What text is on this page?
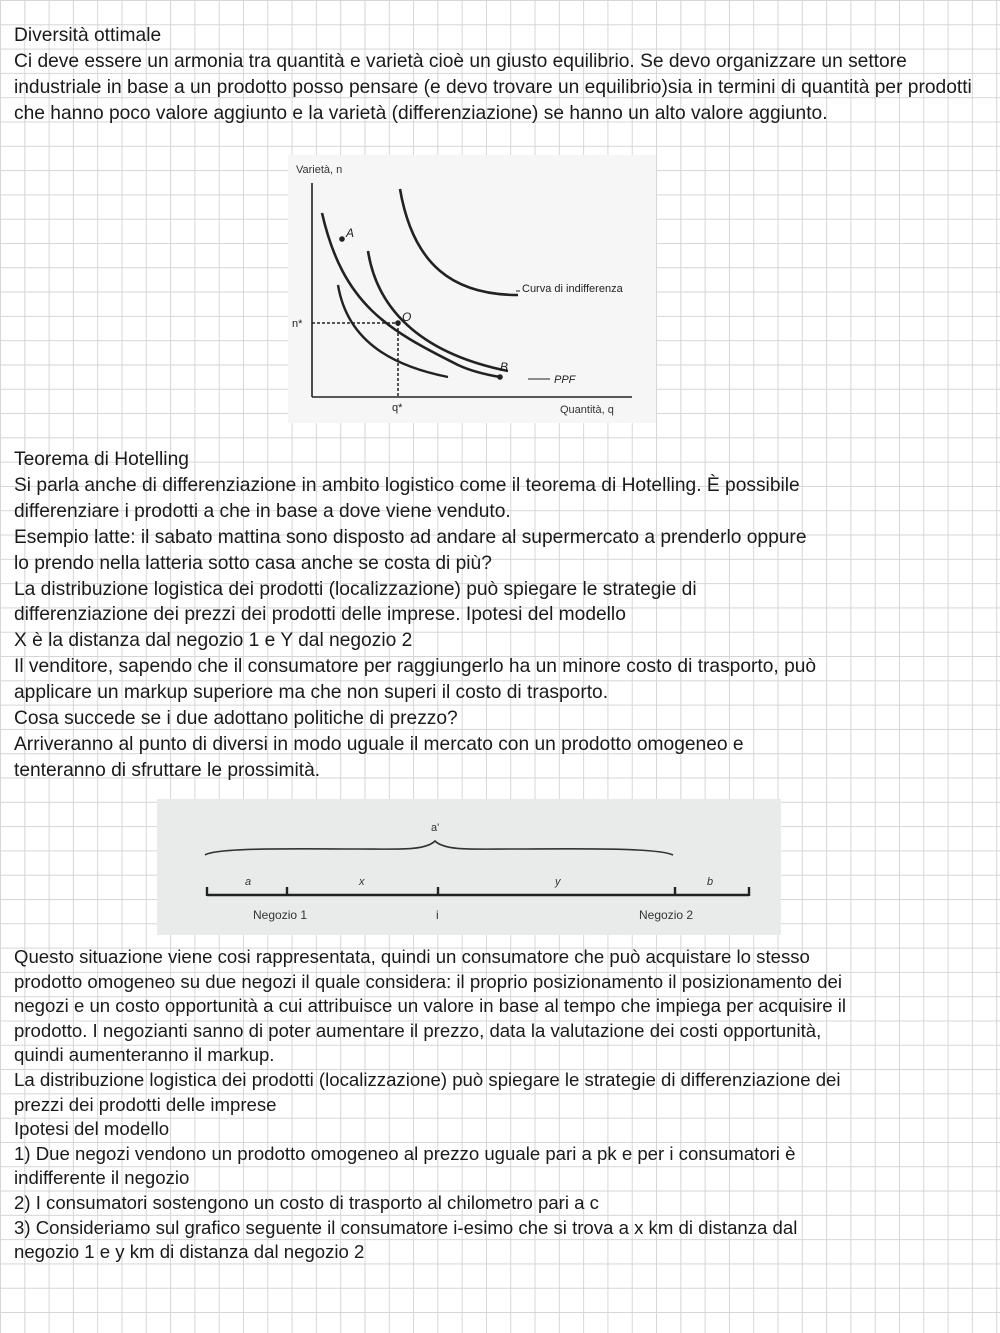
Diversità ottimale

Ci deve essere un armonia tra quantità e varietà cioè un giusto equilibrio. Se devo organizzare un settore industriale in base a un prodotto posso pensare (e devo trovare un equilibrio)sia in termini di quantità per prodotti che hanno poco valore aggiunto e la varietà (differenziazione) se hanno un alto valore aggiunto.

Varietà, n
Quantità, q
n*
q*
A
O
B
Curva di indifferenza
PPF

Teorema di Hotelling

Si parla anche di differenziazione in ambito logistico come il teorema di Hotelling. È possibile

differenziare i prodotti a che in base a dove viene venduto.

Esempio latte: il sabato mattina sono disposto ad andare al supermercato a prenderlo oppure

lo prendo nella latteria sotto casa anche se costa di più?

La distribuzione logistica dei prodotti (localizzazione) può spiegare le strategie di

differenziazione dei prezzi dei prodotti delle imprese. Ipotesi del modello

X è la distanza dal negozio 1 e Y dal negozio 2

Il venditore, sapendo che il consumatore per raggiungerlo ha un minore costo di trasporto, può

applicare un markup superiore ma che non superi il costo di trasporto.

Cosa succede se i due adottano politiche di prezzo?

Arriveranno al punto di diversi in modo uguale il mercato con un prodotto omogeneo e

tenteranno di sfruttare le prossimità.

a'
a	x	y	b
Negozio 1	i	Negozio 2

Questo situazione viene cosi rappresentata, quindi un consumatore che può acquistare lo stesso

prodotto omogeneo su due negozi il quale considera: il proprio posizionamento il posizionamento dei

negozi e un costo opportunità a cui attribuisce un valore in base al tempo che impiega per acquisire il

prodotto. I negozianti sanno di poter aumentare il prezzo, data la valutazione dei costi opportunità,

quindi aumenteranno il markup.

La distribuzione logistica dei prodotti (localizzazione) può spiegare le strategie di differenziazione dei

prezzi dei prodotti delle imprese

Ipotesi del modello

1) Due negozi vendono un prodotto omogeneo al prezzo uguale pari a pk e per i consumatori è

indifferente il negozio

2) I consumatori sostengono un costo di trasporto al chilometro pari a c

3) Consideriamo sul grafico seguente il consumatore i-esimo che si trova a x km di distanza dal

negozio 1 e y km di distanza dal negozio 2
